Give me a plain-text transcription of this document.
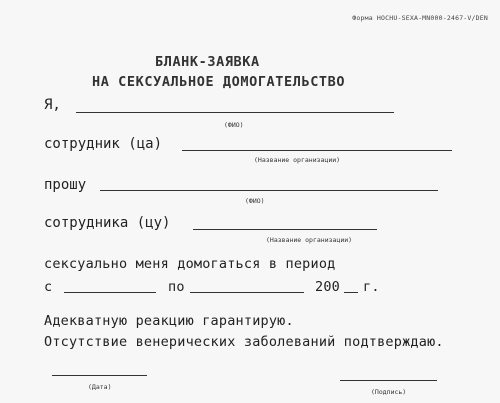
Форма НОСНU-SEXA-MN000-2467-V/DEN
БЛАНК-ЗАЯВКА
НА СЕКСУАЛЬНОЕ ДОМОГАТЕЛЬСТВО
Я,
(ФИО)
сотрудник (ца)
(Название организации)
прошу
(ФИО)
сотрудника (цу)
(Название организации)
сексуально меня домогаться в период
с	по	200 г.
Адекватную реакцию гарантирую.
Отсутствие венерических заболеваний подтверждаю.
(Дата)
(Подпись)
